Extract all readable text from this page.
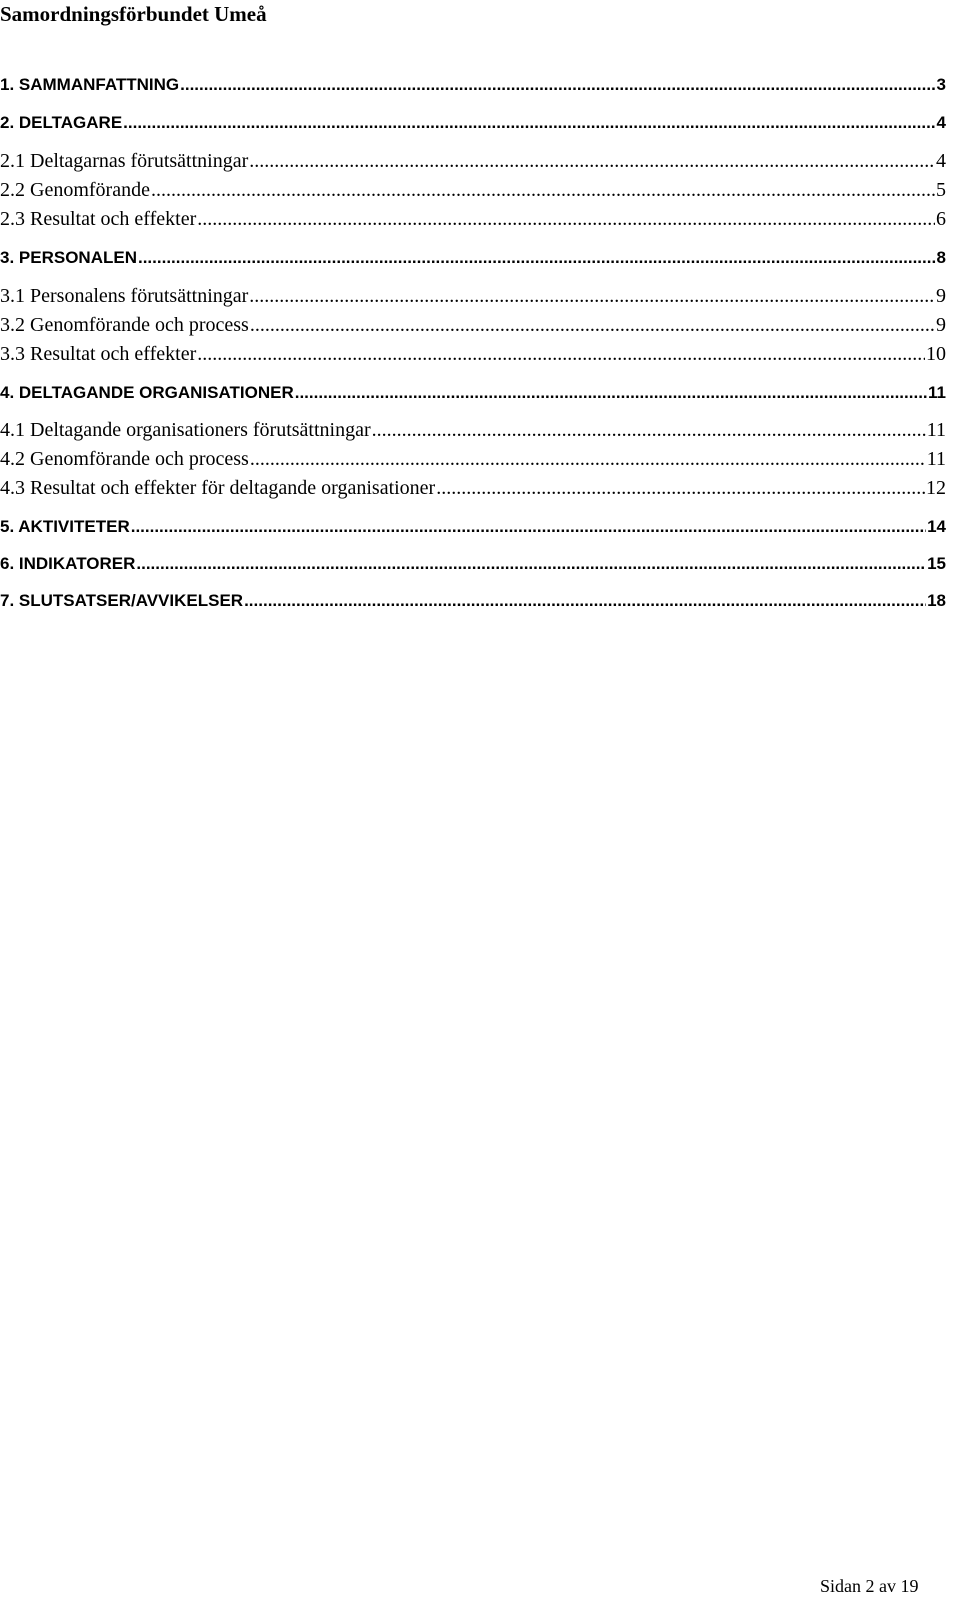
Samordningsförbundet Umeå
1. SAMMANFATTNING .....	3
2. DELTAGARE .....	4
2.1 Deltagarnas förutsättningar .....	4
2.2 Genomförande .....	5
2.3 Resultat och effekter .....	6
3. PERSONALEN .....	8
3.1 Personalens förutsättningar .....	9
3.2 Genomförande och process .....	9
3.3 Resultat och effekter .....	10
4. DELTAGANDE ORGANISATIONER .....	11
4.1 Deltagande organisationers förutsättningar .....	11
4.2 Genomförande och process .....	11
4.3 Resultat och effekter för deltagande organisationer .....	12
5. AKTIVITETER .....	14
6. INDIKATORER .....	15
7. SLUTSATSER/AVVIKELSER .....	18
Sidan 2 av 19
